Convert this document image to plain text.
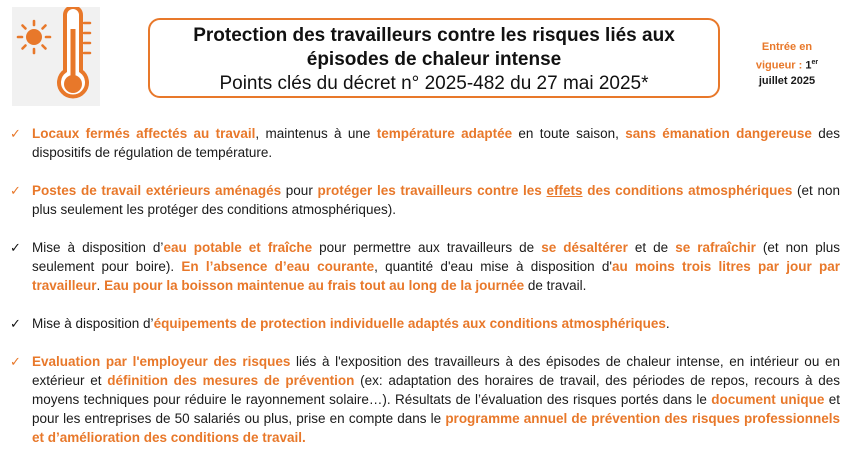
Protection des travailleurs contre les risques liés aux
épisodes de chaleur intense
Points clés du décret n° 2025-482 du 27 mai 2025*
Entrée en
vigueur : 1er
juillet 2025
✓ Locaux fermés affectés au travail, maintenus à une température adaptée en toute saison, sans émanation dangereuse des dispositifs de régulation de température.
✓ Postes de travail extérieurs aménagés pour protéger les travailleurs contre les effets des conditions atmosphériques (et non plus seulement les protéger des conditions atmosphériques).
✓ Mise à disposition d’eau potable et fraîche pour permettre aux travailleurs de se désaltérer et de se rafraîchir (et non plus seulement pour boire). En l’absence d’eau courante, quantité d'eau mise à disposition d'au moins trois litres par jour par travailleur. Eau pour la boisson maintenue au frais tout au long de la journée de travail.
✓ Mise à disposition d’équipements de protection individuelle adaptés aux conditions atmosphériques.
✓ Evaluation par l'employeur des risques liés à l'exposition des travailleurs à des épisodes de chaleur intense, en intérieur ou en extérieur et définition des mesures de prévention (ex: adaptation des horaires de travail, des périodes de repos, recours à des moyens techniques pour réduire le rayonnement solaire…). Résultats de l’évaluation des risques portés dans le document unique et pour les entreprises de 50 salariés ou plus, prise en compte dans le programme annuel de prévention des risques professionnels et d’amélioration des conditions de travail.
